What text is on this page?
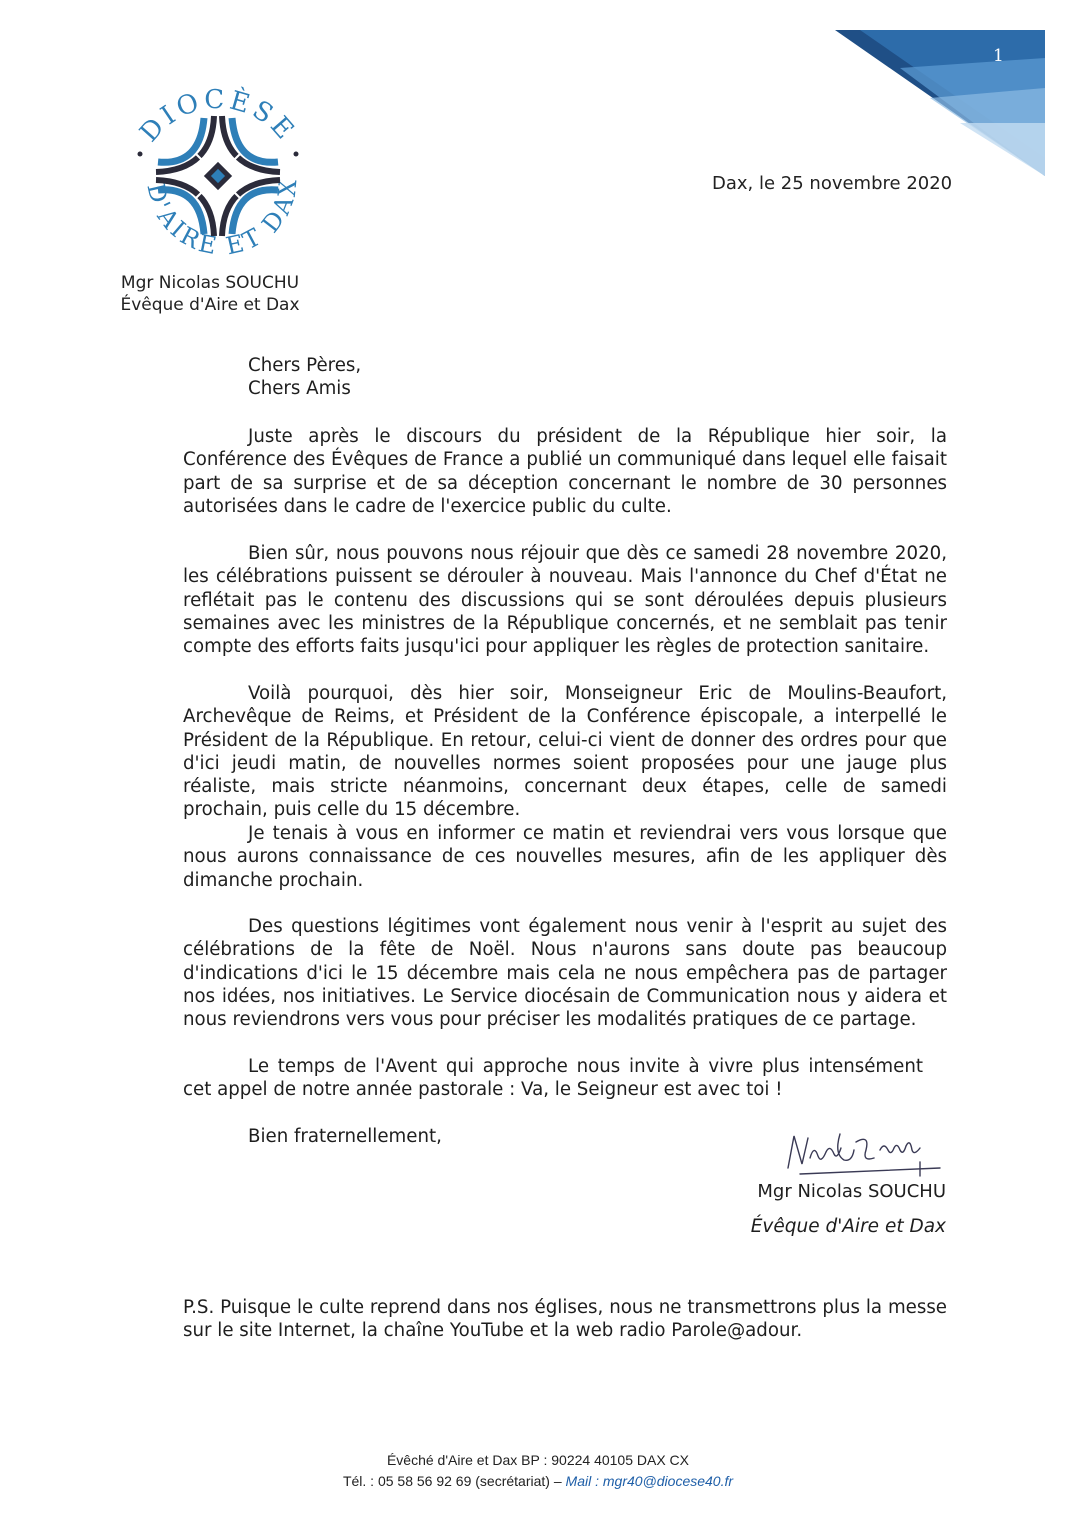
1
DIOCÈSE
D'AIRE ET DAX
Mgr Nicolas SOUCHU
Évêque d'Aire et Dax
Dax, le 25 novembre 2020
Chers Pères,
Chers Amis

Juste après le discours du président de la République hier soir, la Conférence des Évêques de France a publié un communiqué dans lequel elle faisait part de sa surprise et de sa déception concernant le nombre de 30 personnes autorisées dans le cadre de l'exercice public du culte.

Bien sûr, nous pouvons nous réjouir que dès ce samedi 28 novembre 2020, les célébrations puissent se dérouler à nouveau. Mais l'annonce du Chef d'État ne reflétait pas le contenu des discussions qui se sont déroulées depuis plusieurs semaines avec les ministres de la République concernés, et ne semblait pas tenir compte des efforts faits jusqu'ici pour appliquer les règles de protection sanitaire.

Voilà pourquoi, dès hier soir, Monseigneur Eric de Moulins-Beaufort, Archevêque de Reims, et Président de la Conférence épiscopale, a interpellé le Président de la République. En retour, celui-ci vient de donner des ordres pour que d'ici jeudi matin, de nouvelles normes soient proposées pour une jauge plus réaliste, mais stricte néanmoins, concernant deux étapes, celle de samedi prochain, puis celle du 15 décembre.

Je tenais à vous en informer ce matin et reviendrai vers vous lorsque que nous aurons connaissance de ces nouvelles mesures, afin de les appliquer dès dimanche prochain.

Des questions légitimes vont également nous venir à l'esprit au sujet des célébrations de la fête de Noël. Nous n'aurons sans doute pas beaucoup d'indications d'ici le 15 décembre mais cela ne nous empêchera pas de partager nos idées, nos initiatives. Le Service diocésain de Communication nous y aidera et nous reviendrons vers vous pour préciser les modalités pratiques de ce partage.

Le temps de l'Avent qui approche nous invite à vivre plus intensément cet appel de notre année pastorale : Va, le Seigneur est avec toi !

Bien fraternellement,

Mgr Nicolas SOUCHU
Évêque d'Aire et Dax

P.S. Puisque le culte reprend dans nos églises, nous ne transmettrons plus la messe sur le site Internet, la chaîne YouTube et la web radio Parole@adour.

Évêché d'Aire et Dax BP : 90224 40105 DAX CX
Tél. : 05 58 56 92 69 (secrétariat) – Mail : mgr40@diocese40.fr
